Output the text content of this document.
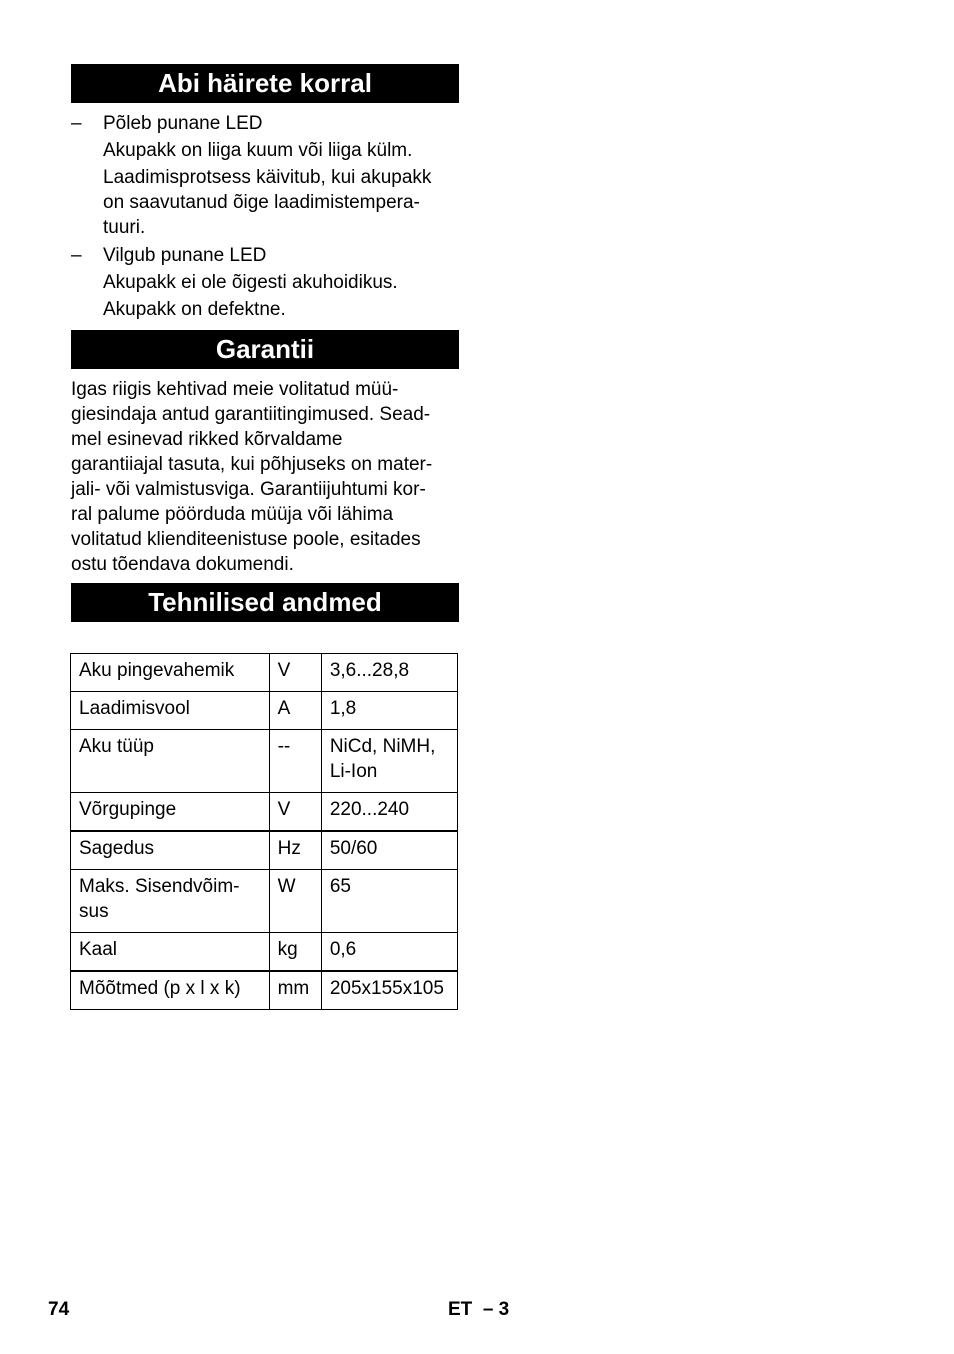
Abi häirete korral
– Põleb punane LED
Akupakk on liiga kuum või liiga külm.
Laadimisprotsess käivitub, kui akupakk
on saavutanud õige laadimistempera-
tuuri.
– Vilgub punane LED
Akupakk ei ole õigesti akuhoidikus.
Akupakk on defektne.
Garantii
Igas riigis kehtivad meie volitatud müü-
giesindaja antud garantiitingimused. Sead-
mel esinevad rikked kõrvaldame
garantiiajal tasuta, kui põhjuseks on mater-
jali- või valmistusviga. Garantiijuhtumi kor-
ral palume pöörduda müüja või lähima
volitatud klienditeenistuse poole, esitades
ostu tõendava dokumendi.
Tehnilised andmed
Aku pingevahemik	V	3,6...28,8
Laadimisvool	A	1,8
Aku tüüp	--	NiCd, NiMH, Li-Ion
Võrgupinge	V	220...240
Sagedus	Hz	50/60
Maks. Sisendvõim-sus	W	65
Kaal	kg	0,6
Mõõtmed (p x l x k)	mm	205x155x105
74	ET  – 3
